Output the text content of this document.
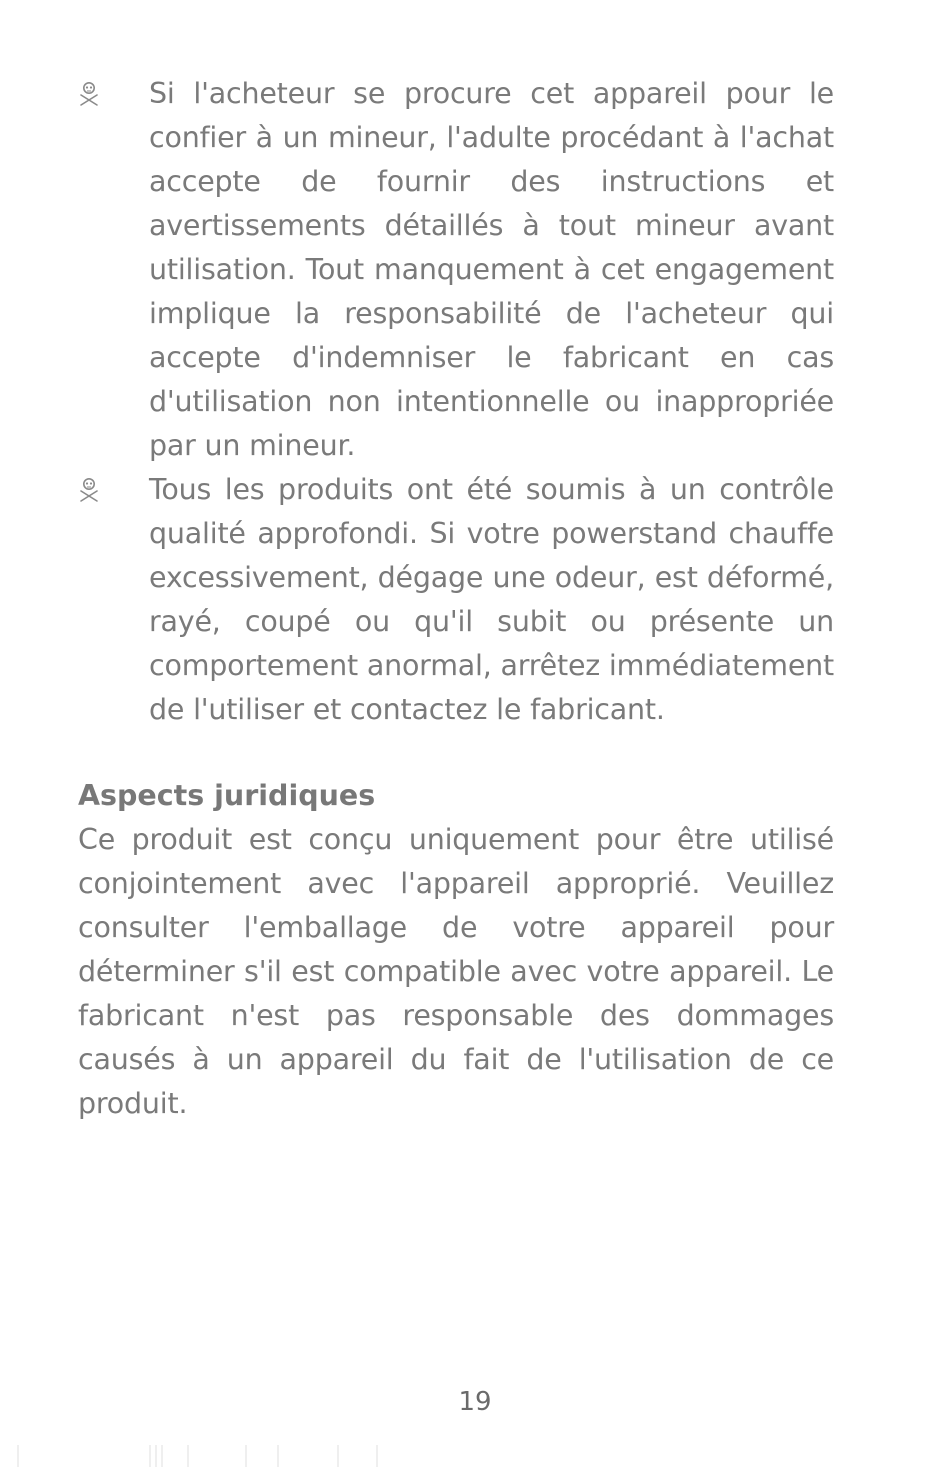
Si l'acheteur se procure cet appareil pour le confier à un mineur, l'adulte procédant à l'achat accepte de fournir des instructions et avertissements détaillés à tout mineur avant utilisation. Tout manquement à cet engagement implique la responsabilité de l'acheteur qui accepte d'indemniser le fabricant en cas d'utilisation non intentionnelle ou inappropriée par un mineur.

Tous les produits ont été soumis à un contrôle qualité approfondi. Si votre powerstand chauffe excessivement, dégage une odeur, est déformé, rayé, coupé ou qu'il subit ou présente un comportement anormal, arrêtez immédiatement de l'utiliser et contactez le fabricant.

Aspects juridiques

Ce produit est conçu uniquement pour être utilisé conjointement avec l'appareil approprié. Veuillez consulter l'emballage de votre appareil pour déterminer s'il est compatible avec votre appareil. Le fabricant n'est pas responsable des dommages causés à un appareil du fait de l'utilisation de ce produit.

19
